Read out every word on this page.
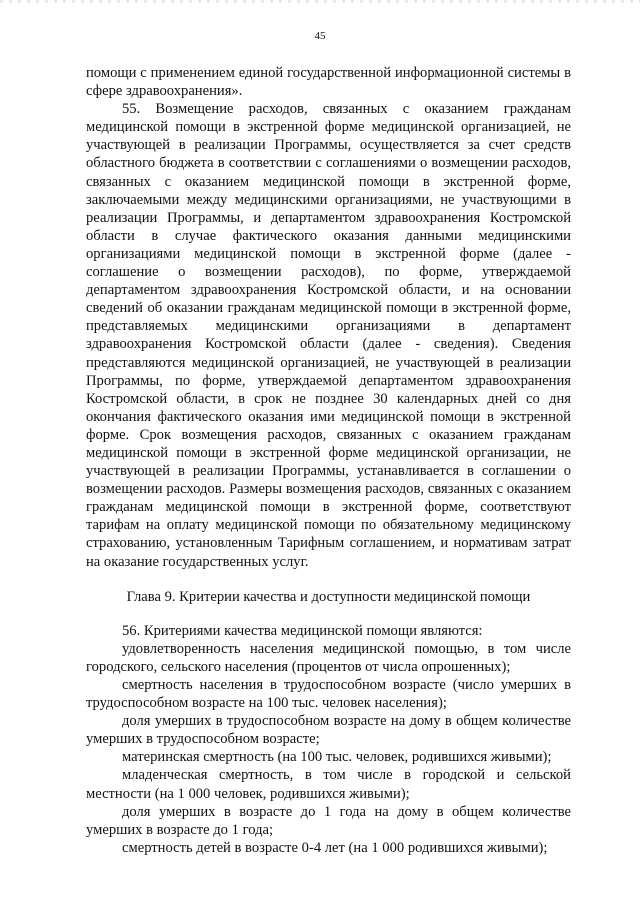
45

помощи с применением единой государственной информационной системы в сфере здравоохранения».

55. Возмещение расходов, связанных с оказанием гражданам медицинской помощи в экстренной форме медицинской организацией, не участвующей в реализации Программы, осуществляется за счет средств областного бюджета в соответствии с соглашениями о возмещении расходов, связанных с оказанием медицинской помощи в экстренной форме, заключаемыми между медицинскими организациями, не участвующими в реализации Программы, и департаментом здравоохранения Костромской области в случае фактического оказания данными медицинскими организациями медицинской помощи в экстренной форме (далее - соглашение о возмещении расходов), по форме, утверждаемой департаментом здравоохранения Костромской области, и на основании сведений об оказании гражданам медицинской помощи в экстренной форме, представляемых медицинскими организациями в департамент здравоохранения Костромской области (далее - сведения). Сведения представляются медицинской организацией, не участвующей в реализации Программы, по форме, утверждаемой департаментом здравоохранения Костромской области, в срок не позднее 30 календарных дней со дня окончания фактического оказания ими медицинской помощи в экстренной форме. Срок возмещения расходов, связанных с оказанием гражданам медицинской помощи в экстренной форме медицинской организации, не участвующей в реализации Программы, устанавливается в соглашении о возмещении расходов. Размеры возмещения расходов, связанных с оказанием гражданам медицинской помощи в экстренной форме, соответствуют тарифам на оплату медицинской помощи по обязательному медицинскому страхованию, установленным Тарифным соглашением, и нормативам затрат на оказание государственных услуг.

Глава 9. Критерии качества и доступности медицинской помощи

56. Критериями качества медицинской помощи являются:

удовлетворенность населения медицинской помощью, в том числе городского, сельского населения (процентов от числа опрошенных);

смертность населения в трудоспособном возрасте (число умерших в трудоспособном возрасте на 100 тыс. человек населения);

доля умерших в трудоспособном возрасте на дому в общем количестве умерших в трудоспособном возрасте;

материнская смертность (на 100 тыс. человек, родившихся живыми);

младенческая смертность, в том числе в городской и сельской местности (на 1 000 человек, родившихся живыми);

доля умерших в возрасте до 1 года на дому в общем количестве умерших в возрасте до 1 года;

смертность детей в возрасте 0-4 лет (на 1 000 родившихся живыми);
